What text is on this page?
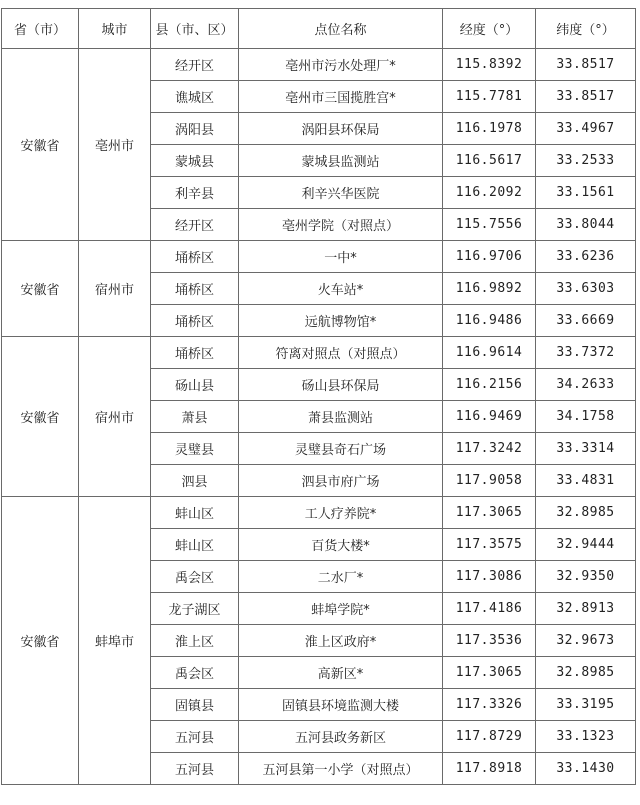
省（市）	城市	县（市、区）	点位名称	经度（°）	纬度（°）
安徽省	亳州市	经开区	亳州市污水处理厂*	115.8392	33.8517
		谯城区	亳州市三国揽胜宫*	115.7781	33.8517
		涡阳县	涡阳县环保局	116.1978	33.4967
		蒙城县	蒙城县监测站	116.5617	33.2533
		利辛县	利辛兴华医院	116.2092	33.1561
		经开区	亳州学院（对照点）	115.7556	33.8044
安徽省	宿州市	埇桥区	一中*	116.9706	33.6236
		埇桥区	火车站*	116.9892	33.6303
		埇桥区	远航博物馆*	116.9486	33.6669
安徽省	宿州市	埇桥区	符离对照点（对照点）	116.9614	33.7372
		砀山县	砀山县环保局	116.2156	34.2633
		萧县	萧县监测站	116.9469	34.1758
		灵璧县	灵璧县奇石广场	117.3242	33.3314
		泗县	泗县市府广场	117.9058	33.4831
安徽省	蚌埠市	蚌山区	工人疗养院*	117.3065	32.8985
		蚌山区	百货大楼*	117.3575	32.9444
		禹会区	二水厂*	117.3086	32.9350
		龙子湖区	蚌埠学院*	117.4186	32.8913
		淮上区	淮上区政府*	117.3536	32.9673
		禹会区	高新区*	117.3065	32.8985
		固镇县	固镇县环境监测大楼	117.3326	33.3195
		五河县	五河县政务新区	117.8729	33.1323
		五河县	五河县第一小学（对照点）	117.8918	33.1430
